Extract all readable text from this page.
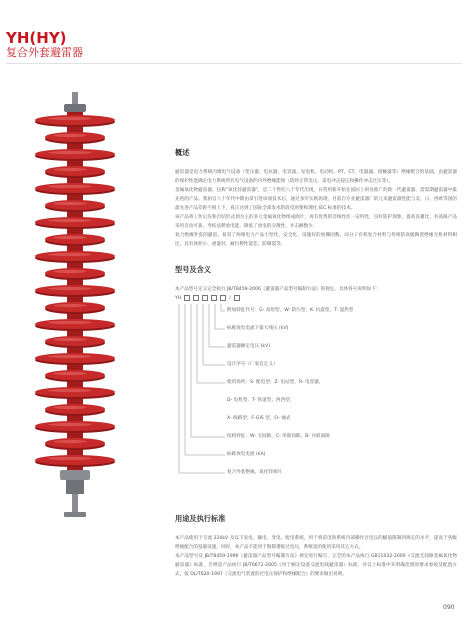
YH(HY)
复合外套避雷器
概述

避雷器是电力系统内微电气设备（变压器、电抗器、电容器、发电机、电动机、PT、CT、电器器、接触器等）绝缘配合的基础，由避雷器的保护性能确定电力系统所有电气设备的内外绝缘能保（防时正常电压、雷电冲击侵压和操作冲击过压等）。

金属氧化物避雷器，包称"氧化锌避雷器"，是二十世纪八十年代出现，日常用新开始在国际上研及推广的新一代避雷器，需需期避雷器中最先进的产品。我厨自八十年代中期由拿引进该项技术后，通过多年实践再现，目前自专业避雷器厂的元来避雷器性能与美、日、西欧等国的最先进产品差距不相上下，真正达到了国际全部发术阶段电的要和理化 IEC 标准的技术。

该产品将工作后先和否结形式划为主的多元金属氧化物组成阀片，再有优秀的非线性伏一安特性，良好防护现象，提高良蓄比，有高限产品采用自动可靠，寿结法释放电能，降低了放电的分散性，并击额数少。

复合绝缘外套的避雷，易双了两相电力产品小型化、安全化、设施好的放操固数。而分子有机复合材料与传统的高级陶瓷绝缘无机材料相比，具有体积小、重量轻、耐污秽性能佳、防爆裂等。

型号及含义

本产品型号定义完全执行 JB/T8459-2006《避雷器产品型号编制方法》的规定，具体各号说明如下：

YH	/
附加特征代号：G- 高原型，W- 防污型，K- 抗震型，T- 湿热型
标称放电电流下最大残压 (kV)
避雷器额定电压 (kV)
设计序号（厂家自定义）
使用场所：S- 配电型；Z- 电站型，R- 电容器，
D- 电机型，T- 铁道型；西西型，
X- 线路型；F-GIS 型，O- 抽式
结构特征：W- 无间隙，C- 串联间隙，B- 并联间隙
标称放电电流 (kA)
复合外套绝缘、氧化锌阀片
用途及执行标准

本产品使用于交流 220kV 及以下发电、输电、变电、配电系统，用于将雷电和系统内部操作过电压的幅值限制到规定的水平，提高于各级绝缘配合的基础设施，同时，本产品不能用于限制谐振过电压，系统宽的使用采用其它方式。

本产品型号及 JB/T8459-1996《避雷器产品型号编制方法》规定进行编写，完全的本产品执行 GB11032-2000《交流无间隙金属氧化物避雷器》标准，否则适产品执行 JB/T6672-2005《用于额定设备交流电线避雷器》标准。对以上标准中未明确范围的要求参按及配置方式，按 DL/T620-1997《交流电气装置的过电压保护和绝缘配合》的要求做出说明。

090
